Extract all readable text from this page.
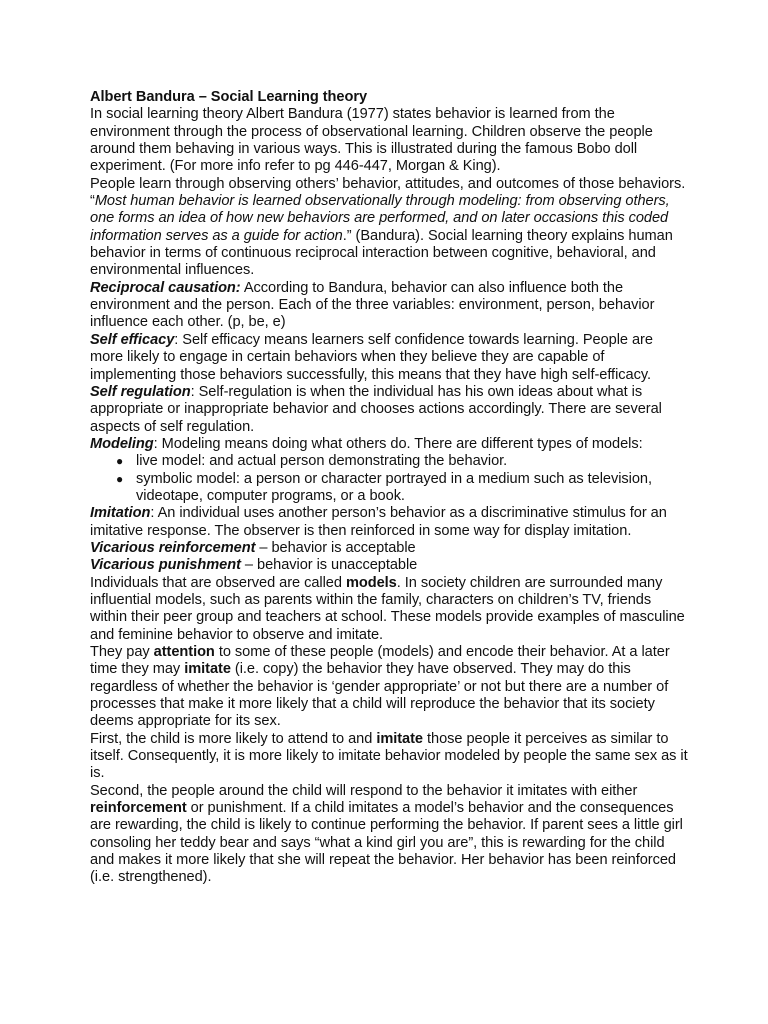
Albert Bandura – Social Learning theory

In social learning theory Albert Bandura (1977) states behavior is learned from the environment through the process of observational learning. Children observe the people around them behaving in various ways. This is illustrated during the famous Bobo doll experiment. (For more info refer to pg 446-447, Morgan & King).

People learn through observing others’ behavior, attitudes, and outcomes of those behaviors. “Most human behavior is learned observationally through modeling: from observing others, one forms an idea of how new behaviors are performed, and on later occasions this coded information serves as a guide for action.” (Bandura). Social learning theory explains human behavior in terms of continuous reciprocal interaction between cognitive, behavioral, and environmental influences.

Reciprocal causation: According to Bandura, behavior can also influence both the environment and the person. Each of the three variables: environment, person, behavior influence each other. (p, be, e)

Self efficacy: Self efficacy means learners self confidence towards learning. People are more likely to engage in certain behaviors when they believe they are capable of implementing those behaviors successfully, this means that they have high self-efficacy.

Self regulation: Self-regulation is when the individual has his own ideas about what is appropriate or inappropriate behavior and chooses actions accordingly. There are several aspects of self regulation.

Modeling: Modeling means doing what others do. There are different types of models:

● live model: and actual person demonstrating the behavior.
● symbolic model: a person or character portrayed in a medium such as television, videotape, computer programs, or a book.

Imitation: An individual uses another person’s behavior as a discriminative stimulus for an imitative response. The observer is then reinforced in some way for display imitation.

Vicarious reinforcement – behavior is acceptable

Vicarious punishment – behavior is unacceptable

Individuals that are observed are called models. In society children are surrounded many influential models, such as parents within the family, characters on children’s TV, friends within their peer group and teachers at school. These models provide examples of masculine and feminine behavior to observe and imitate.

They pay attention to some of these people (models) and encode their behavior. At a later time they may imitate (i.e. copy) the behavior they have observed. They may do this regardless of whether the behavior is ‘gender appropriate’ or not but there are a number of processes that make it more likely that a child will reproduce the behavior that its society deems appropriate for its sex.

First, the child is more likely to attend to and imitate those people it perceives as similar to itself. Consequently, it is more likely to imitate behavior modeled by people the same sex as it is.

Second, the people around the child will respond to the behavior it imitates with either reinforcement or punishment. If a child imitates a model’s behavior and the consequences are rewarding, the child is likely to continue performing the behavior. If parent sees a little girl consoling her teddy bear and says “what a kind girl you are”, this is rewarding for the child and makes it more likely that she will repeat the behavior. Her behavior has been reinforced (i.e. strengthened).
